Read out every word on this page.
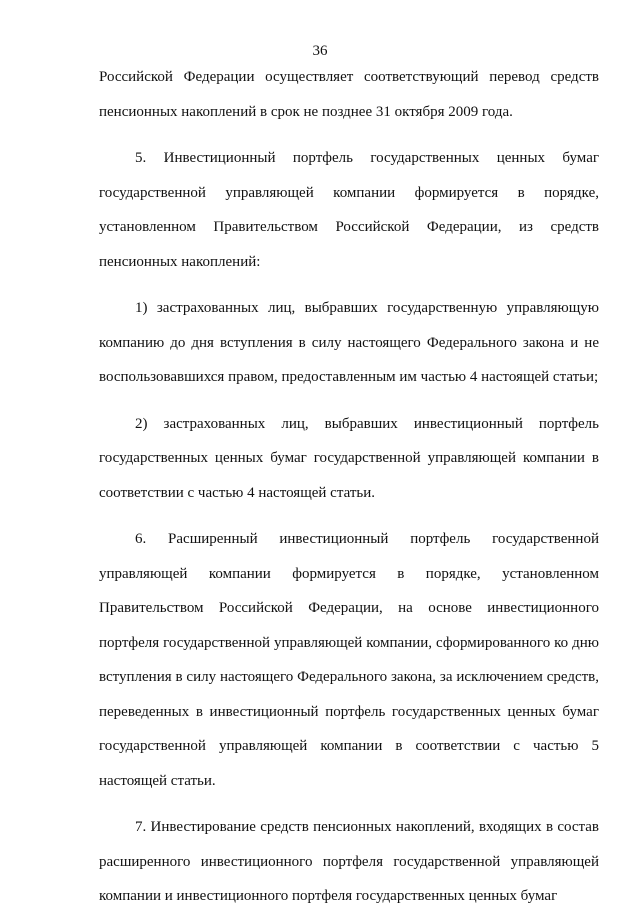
36

Российской Федерации осуществляет соответствующий перевод средств пенсионных накоплений в срок не позднее 31 октября 2009 года.

5. Инвестиционный портфель государственных ценных бумаг государственной управляющей компании формируется в порядке, установленном Правительством Российской Федерации, из средств пенсионных накоплений:

1) застрахованных лиц, выбравших государственную управляющую компанию до дня вступления в силу настоящего Федерального закона и не воспользовавшихся правом, предоставленным им частью 4 настоящей статьи;

2) застрахованных лиц, выбравших инвестиционный портфель государственных ценных бумаг государственной управляющей компании в соответствии с частью 4 настоящей статьи.

6. Расширенный инвестиционный портфель государственной управляющей компании формируется в порядке, установленном Правительством Российской Федерации, на основе инвестиционного портфеля государственной управляющей компании, сформированного ко дню вступления в силу настоящего Федерального закона, за исключением средств, переведенных в инвестиционный портфель государственных ценных бумаг государственной управляющей компании в соответствии с частью 5 настоящей статьи.

7. Инвестирование средств пенсионных накоплений, входящих в состав расширенного инвестиционного портфеля государственной управляющей компании и инвестиционного портфеля государственных ценных бумаг
